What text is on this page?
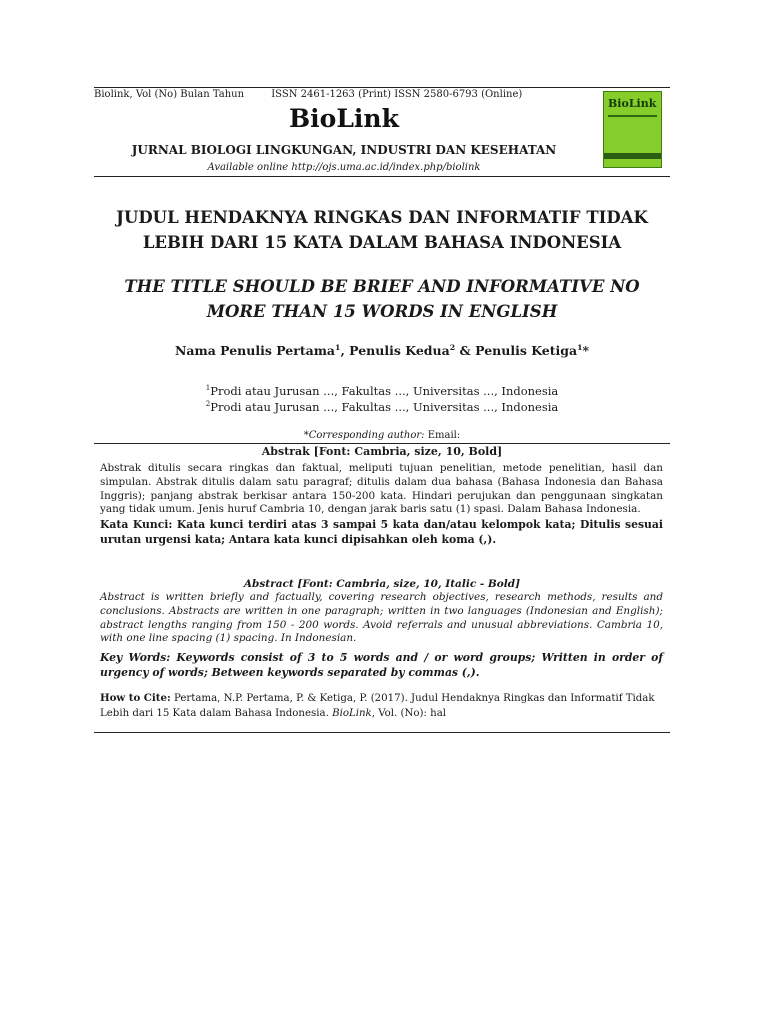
Biolink, Vol (No) Bulan Tahun	ISSN 2461-1263 (Print) ISSN 2580-6793 (Online)
BioLink
JURNAL BIOLOGI LINGKUNGAN, INDUSTRI DAN KESEHATAN
Available online http://ojs.uma.ac.id/index.php/biolink
BioLink
JUDUL HENDAKNYA RINGKAS DAN INFORMATIF TIDAK LEBIH DARI 15 KATA DALAM BAHASA INDONESIA
THE TITLE SHOULD BE BRIEF AND INFORMATIVE NO MORE THAN 15 WORDS IN ENGLISH
Nama Penulis Pertama$^1$, Penulis Kedua$^2$ & Penulis Ketiga$^1$*
$^1$Prodi atau Jurusan ..., Fakultas ..., Universitas ..., Indonesia
$^2$Prodi atau Jurusan ..., Fakultas ..., Universitas ..., Indonesia
*Corresponding author: Email:
Abstrak [Font: Cambria, size, 10, Bold]
Abstrak ditulis secara ringkas dan faktual, meliputi tujuan penelitian, metode penelitian, hasil dan simpulan. Abstrak ditulis dalam satu paragraf; ditulis dalam dua bahasa (Bahasa Indonesia dan Bahasa Inggris); panjang abstrak berkisar antara 150-200 kata. Hindari perujukan dan penggunaan singkatan yang tidak umum. Jenis huruf Cambria 10, dengan jarak baris satu (1) spasi. Dalam Bahasa Indonesia.
Kata Kunci: Kata kunci terdiri atas 3 sampai 5 kata dan/atau kelompok kata; Ditulis sesuai urutan urgensi kata; Antara kata kunci dipisahkan oleh koma (,).
Abstract [Font: Cambria, size, 10, Italic - Bold]
Abstract is written briefly and factually, covering research objectives, research methods, results and conclusions. Abstracts are written in one paragraph; written in two languages (Indonesian and English); abstract lengths ranging from 150 - 200 words. Avoid referrals and unusual abbreviations. Cambria 10, with one line spacing (1) spacing. In Indonesian.
Key Words: Keywords consist of 3 to 5 words and / or word groups; Written in order of urgency of words; Between keywords separated by commas (,).
How to Cite: Pertama, N.P. Pertama, P. & Ketiga, P. (2017). Judul Hendaknya Ringkas dan Informatif Tidak Lebih dari 15 Kata dalam Bahasa Indonesia. BioLink, Vol. (No): hal
